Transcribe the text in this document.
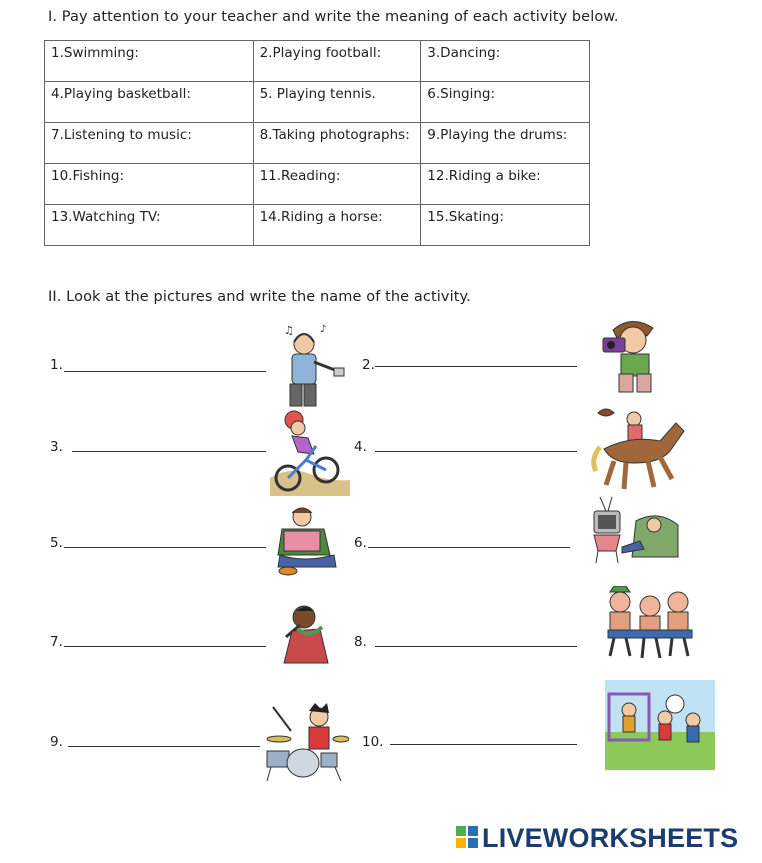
I. Pay attention to your teacher and write the meaning of each activity below.
1.Swimming:	2.Playing football:	3.Dancing:
4.Playing basketball:	5. Playing tennis.	6.Singing:
7.Listening to music:	8.Taking photographs:	9.Playing the drums:
10.Fishing:	11.Reading:	12.Riding a bike:
13.Watching TV:	14.Riding a horse:	15.Skating:
II. Look at the pictures and write the name of the activity.
1.
♫	♪
2.
3.	4.
5.	6.
7.	8.
9.	10.
LIVEWORKSHEETS
